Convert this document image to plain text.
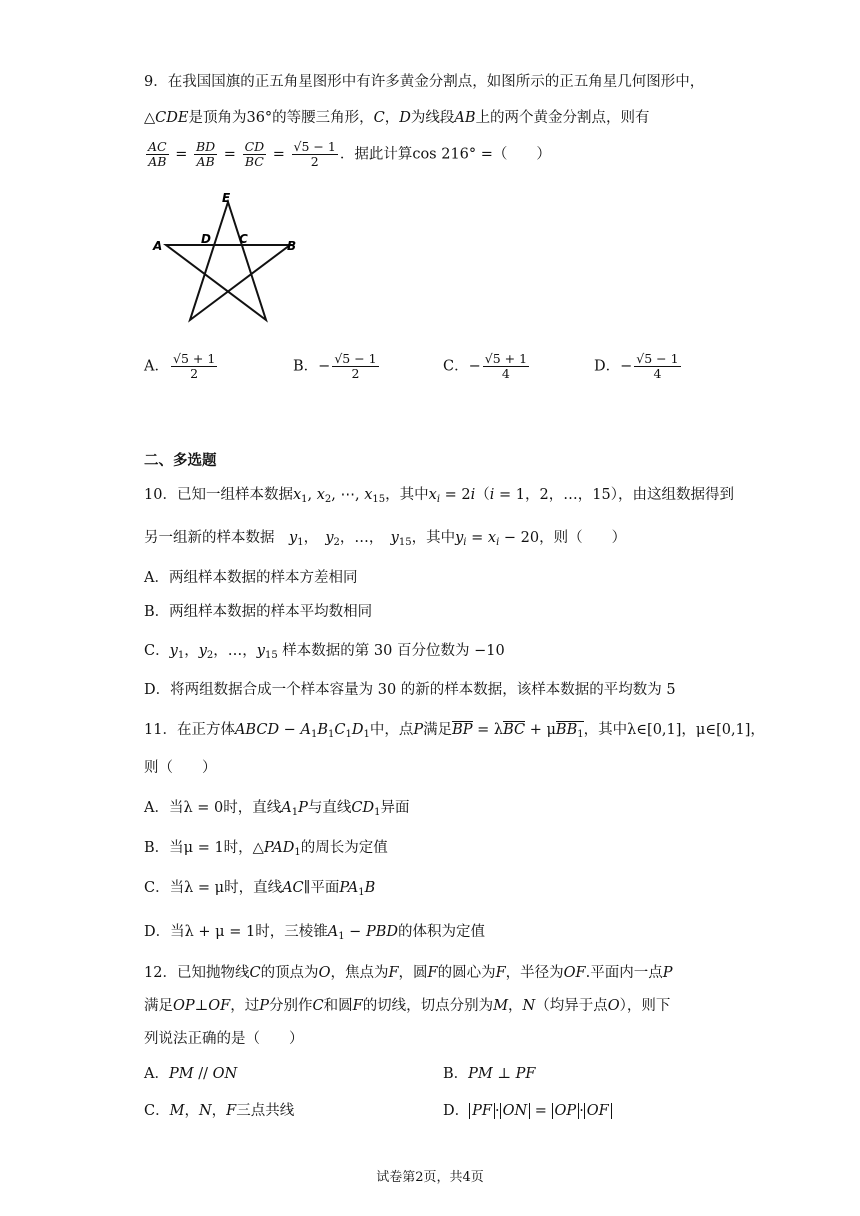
9．在我国国旗的正五角星图形中有许多黄金分割点，如图所示的正五角星几何图形中，
△CDE是顶角为36°的等腰三角形，C，D为线段AB上的两个黄金分割点，则有
$\frac{AC}{AB} = \frac{BD}{AB} = \frac{CD}{BC} = \frac{√5 - 1}{2}$ ．据此计算cos 216° =（　　）
E
A	D C	B
A． $\frac{√5 + 1}{2}$	B．− $\frac{√5 - 1}{2}$	C．− $\frac{√5 + 1}{4}$	D．− $\frac{√5 - 1}{4}$
二、多选题
10．已知一组样本数据$x_1$, $x_2$, ⋯, $x_{15}$，其中$x_i = 2i(i = 1$，2，…，15），由这组数据得到
另一组新的样本数据　$y_1$，　$y_2$，…，　$y_{15}$，其中$y_i = x_i - 20$，则（　　）
A．两组样本数据的样本方差相同
B．两组样本数据的样本平均数相同
C．$y_1$，$y_2$，…，$y_{15}$ 样本数据的第 30 百分位数为 −10
D．将两组数据合成一个样本容量为 30 的新的样本数据，该样本数据的平均数为 5
11．在正方体ABCD − $A_1B_1C_1D_1$中，点P满足BP = λBC + μBB$_1$，其中λ∈[0,1]，μ∈[0,1]，
则（　　）
A．当λ = 0时，直线$A_1P$与直线$CD_1$异面
B．当μ = 1时，$\triangle PAD_1$的周长为定值
C．当λ = μ时，直线AC∥平面$PA_1B$
D．当λ + μ = 1时，三棱锥$A_1$ − PBD的体积为定值
12．已知抛物线C的顶点为O，焦点为F，圆F的圆心为F，半径为OF.平面内一点P
满足OP⊥OF，过P分别作C和圆F的切线，切点分别为M，N（均异于点O），则下
列说法正确的是（　　）
A．PM // ON	B．PM ⊥ PF
C．M，N，F三点共线	D． PF · ON = OP · OF
试卷第2页，共4页
